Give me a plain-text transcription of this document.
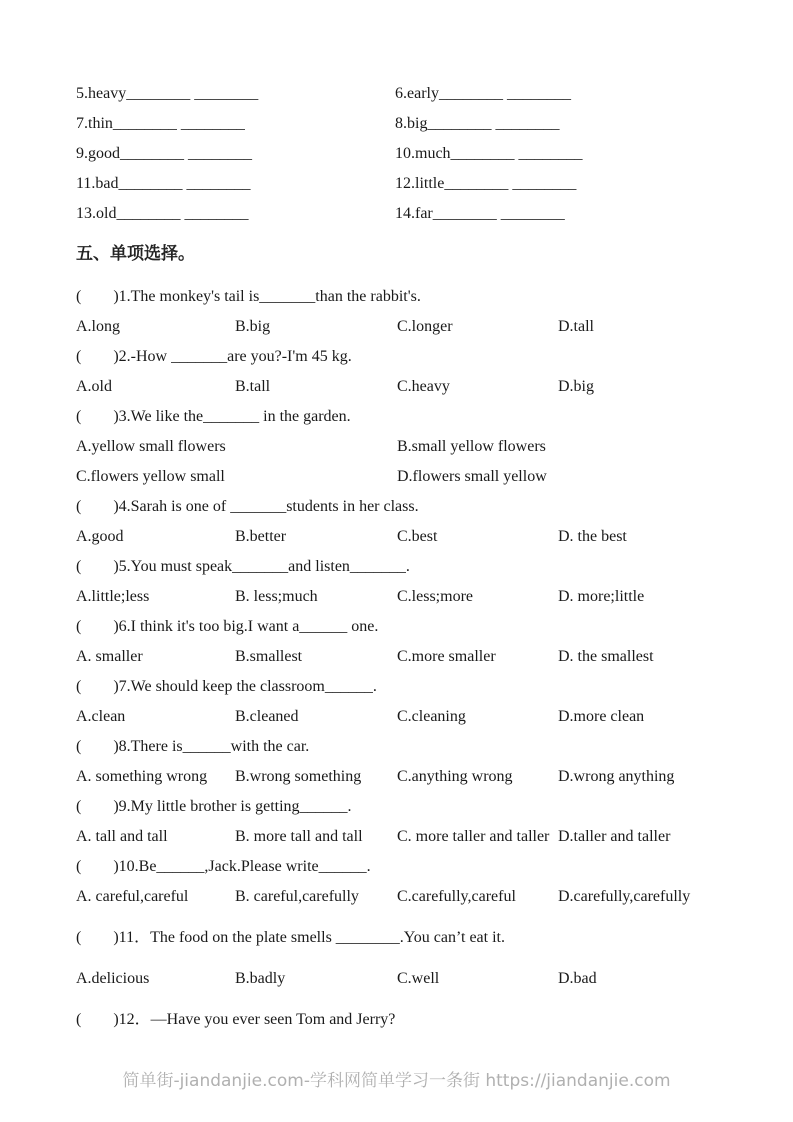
5.heavy________ ________	6.early________ ________
7.thin________ ________	8.big________ ________
9.good________ ________	10.much________ ________
11.bad________ ________	12.little________ ________
13.old________ ________	14.far________ ________
五、单项选择。
(        )1.The monkey's tail is_______than the rabbit's.
A.long	B.big	C.longer	D.tall
(        )2.-How _______are you?-I'm 45 kg.
A.old	B.tall	C.heavy	D.big
(        )3.We like the_______ in the garden.
A.yellow small flowers	B.small yellow flowers
C.flowers yellow small	D.flowers small yellow
(        )4.Sarah is one of _______students in her class.
A.good	B.better	C.best	D. the best
(        )5.You must speak_______and listen_______.
A.little;less	B. less;much	C.less;more	D. more;little
(        )6.I think it's too big.I want a______ one.
A. smaller	B.smallest	C.more smaller	D. the smallest
(        )7.We should keep the classroom______.
A.clean	B.cleaned	C.cleaning	D.more clean
(        )8.There is______with the car.
A. something wrong	B.wrong something	C.anything wrong	D.wrong anything
(        )9.My little brother is getting______.
A. tall and tall	B. more tall and tall	C. more taller and taller D.taller and taller
(        )10.Be______,Jack.Please write______.
A. careful,careful	B. careful,carefully	C.carefully,careful	D.carefully,carefully
(        )11．The food on the plate smells ________.You can’t eat it.
A.delicious	B.badly	C.well	D.bad
(        )12．—Have you ever seen Tom and Jerry?
简单街-jiandanjie.com-学科网简单学习一条街 https://jiandanjie.com
